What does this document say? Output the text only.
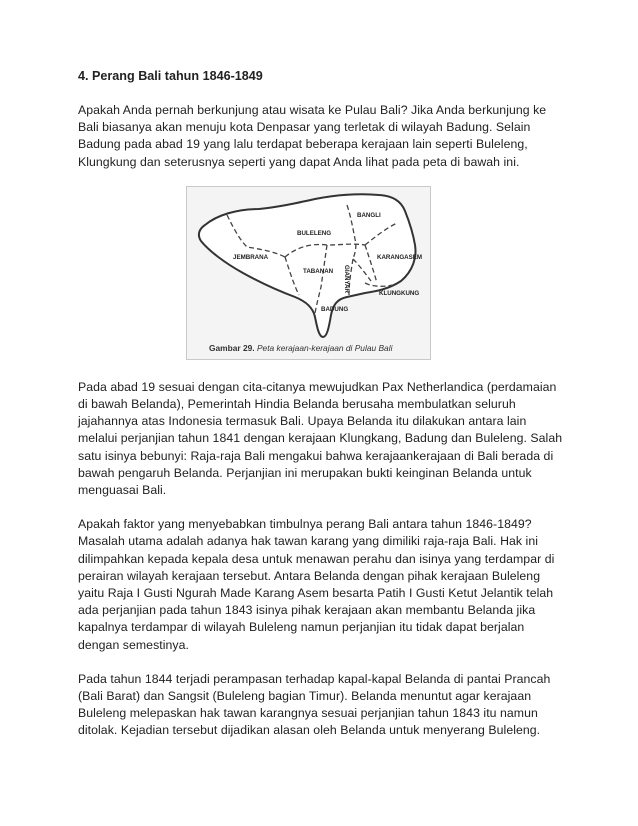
4. Perang Bali tahun 1846-1849

Apakah Anda pernah berkunjung atau wisata ke Pulau Bali? Jika Anda berkunjung ke Bali biasanya akan menuju kota Denpasar yang terletak di wilayah Badung. Selain Badung pada abad 19 yang lalu terdapat beberapa kerajaan lain seperti Buleleng, Klungkung dan seterusnya seperti yang dapat Anda lihat pada peta di bawah ini.

BULELENG
BANGLI
JEMBRANA
TABANAN
KARANGASEM
KLUNGKUNG
BADUNG
GIANYAR
Gambar 29. Peta kerajaan-kerajaan di Pulau Bali

Pada abad 19 sesuai dengan cita-citanya mewujudkan Pax Netherlandica (perdamaian di bawah Belanda), Pemerintah Hindia Belanda berusaha membulatkan seluruh jajahannya atas Indonesia termasuk Bali. Upaya Belanda itu dilakukan antara lain melalui perjanjian tahun 1841 dengan kerajaan Klungkang, Badung dan Buleleng. Salah satu isinya bebunyi: Raja-raja Bali mengakui bahwa kerajaankerajaan di Bali berada di bawah pengaruh Belanda. Perjanjian ini merupakan bukti keinginan Belanda untuk menguasai Bali.

Apakah faktor yang menyebabkan timbulnya perang Bali antara tahun 1846-1849? Masalah utama adalah adanya hak tawan karang yang dimiliki raja-raja Bali. Hak ini dilimpahkan kepada kepala desa untuk menawan perahu dan isinya yang terdampar di perairan wilayah kerajaan tersebut. Antara Belanda dengan pihak kerajaan Buleleng yaitu Raja I Gusti Ngurah Made Karang Asem besarta Patih I Gusti Ketut Jelantik telah ada perjanjian pada tahun 1843 isinya pihak kerajaan akan membantu Belanda jika kapalnya terdampar di wilayah Buleleng namun perjanjian itu tidak dapat berjalan dengan semestinya.

Pada tahun 1844 terjadi perampasan terhadap kapal-kapal Belanda di pantai Prancah (Bali Barat) dan Sangsit (Buleleng bagian Timur). Belanda menuntut agar kerajaan Buleleng melepaskan hak tawan karangnya sesuai perjanjian tahun 1843 itu namun ditolak. Kejadian tersebut dijadikan alasan oleh Belanda untuk menyerang Buleleng.
